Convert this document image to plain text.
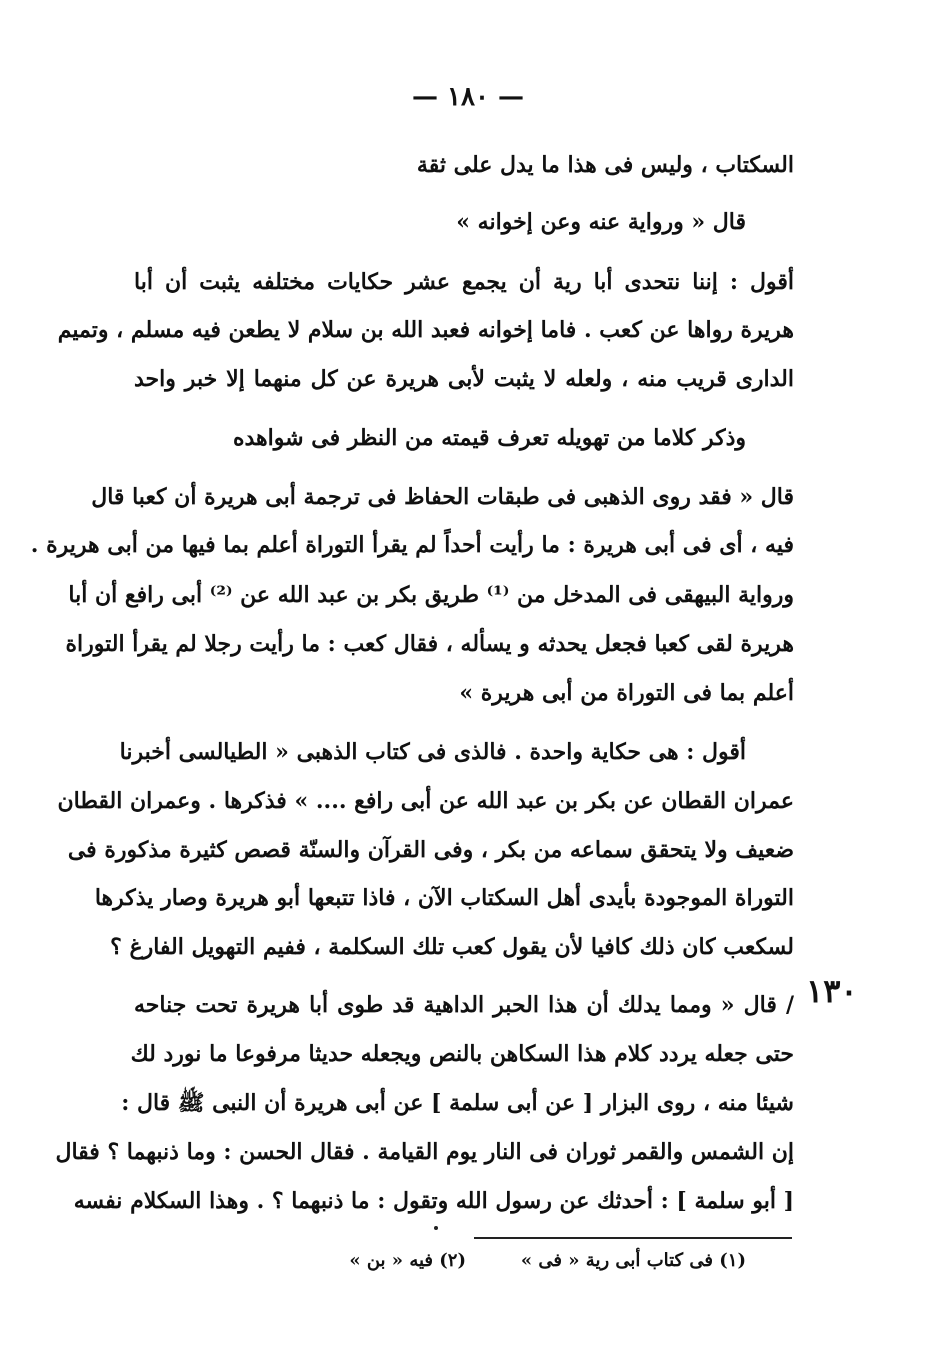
— ١٨٠ —
السكتاب ، وليس فى هذا ما يدل على ثقة
قال « ورواية عنه وعن إخوانه »
أقول : إننا نتحدى أبا رية أن يجمع عشر حكايات مختلفه يثبت أن أبا
هريرة رواها عن كعب . فاما إخوانه فعبد الله بن سلام لا يطعن فيه مسلم ، وتميم
الدارى قريب منه ، ولعله لا يثبت لأبى هريرة عن كل منهما إلا خبر واحد
وذكر كلاما من تهويله تعرف قيمته من النظر فى شواهده
قال « فقد روى الذهبى فى طبقات الحفاظ فى ترجمة أبى هريرة أن كعبا قال
فيه ، أى فى أبى هريرة : ما رأيت أحداً لم يقرأ التوراة أعلم بما فيها من أبى هريرة .
ورواية البيهقى فى المدخل من ⁽¹⁾ طريق بكر بن عبد الله عن ⁽²⁾ أبى رافع أن أبا
هريرة لقى كعبا فجعل يحدثه و يسأله ، فقال كعب : ما رأيت رجلا لم يقرأ التوراة
أعلم بما فى التوراة من أبى هريرة »
أقول : هى حكاية واحدة . فالذى فى كتاب الذهبى « الطيالسى أخبرنا
عمران القطان عن بكر بن عبد الله عن أبى رافع .... » فذكرها . وعمران القطان
ضعيف ولا يتحقق سماعه من بكر ، وفى القرآن والسنّة قصص كثيرة مذكورة فى
التوراة الموجودة بأيدى أهل السكتاب الآن ، فاذا تتبعها أبو هريرة وصار يذكرها
لسكعب كان ذلك كافيا لأن يقول كعب تلك السكلمة ، ففيم التهويل الفارغ ؟
١٣٠
/ قال « ومما يدلك أن هذا الحبر الداهية قد طوى أبا هريرة تحت جناحه
حتى جعله يردد كلام هذا السكاهن بالنص ويجعله حديثا مرفوعا ما نورد لك
شيئا منه ، روى البزار [ عن أبى سلمة ] عن أبى هريرة أن النبى ﷺ قال :
إن الشمس والقمر ثوران فى النار يوم القيامة . فقال الحسن : وما ذنبهما ؟ فقال
[ أبو سلمة ] : أحدثك عن رسول الله وتقول : ما ذنبهما ؟ . وهذا السكلام نفسه
(١) فى كتاب أبى رية « فى »
(٢) فيه « بن »
